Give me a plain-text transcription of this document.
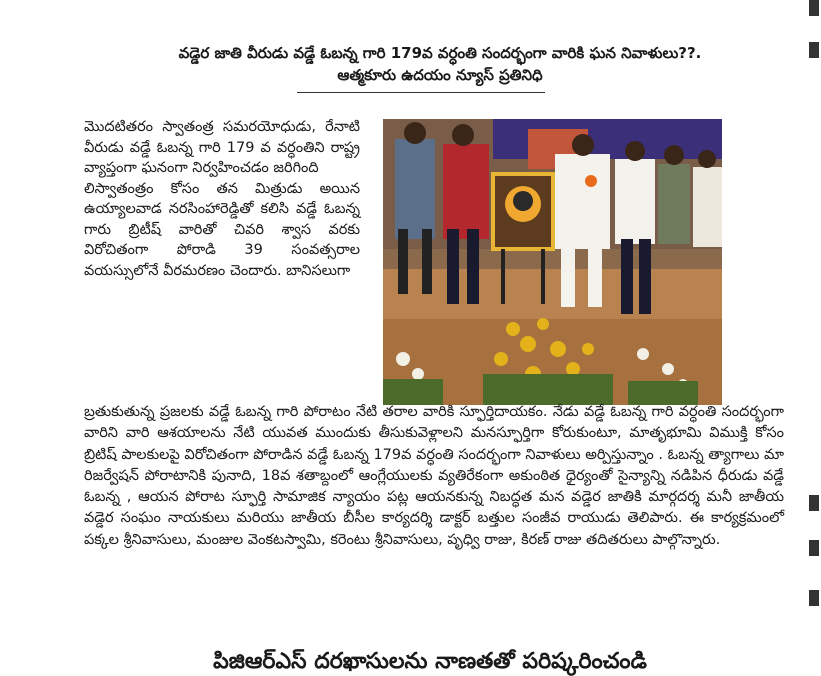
వడ్డెర జాతి వీరుడు వడ్డే ఓబన్న గారి 179వ వర్ధంతి సందర్భంగా వారికి ఘన నివాళులు??.
ఆత్మకూరు ఉదయం న్యూస్ ప్రతినిధి

మొదటితరం స్వాతంత్ర సమరయోధుడు, రేనాటి వీరుడు వడ్డే ఓబన్న గారి 179 వ వర్ధంతిని రాష్ట్ర వ్యాప్తంగా ఘనంగా నిర్వహించడం జరిగింది

లిస్వాతంత్రం కోసం తన మిత్రుడు అయిన ఉయ్యాలవాడ నరసింహారెడ్డితో కలిసి వడ్డే ఓబన్న గారు బ్రిటీష్ వారితో చివరి శ్వాస వరకు విరోచితంగా పోరాడి 39 సంవత్సరాల వయస్సులోనే వీరమరణం చెందారు. బానిసలుగా

బ్రతుకుతున్న ప్రజలకు వడ్డే ఓబన్న గారి పోరాటం నేటి తరాల వారికి స్ఫూర్తిదాయకం. నేడు వడ్డే ఓబన్న గారి వర్ధంతి సందర్భంగా వారిని వారి ఆశయాలను నేటి యువత ముందుకు తీసుకువెళ్లాలని మనస్ఫూర్తిగా కోరుకుంటూ, మాతృభూమి విముక్తి కోసం బ్రిటిష్ పాలకులపై విరోచితంగా పోరాడిన వడ్డే ఓబన్న 179వ వర్ధంతి సందర్భంగా నివాళులు అర్పిస్తున్నాం . ఓబన్న త్యాగాలు మా రిజర్వేషన్ పోరాటానికి పునాది, 18వ శతాబ్దంలో ఆంగ్లేయులకు వ్యతిరేకంగా అకుంఠిత ధైర్యంతో సైన్యాన్ని నడిపిన ధీరుడు వడ్డే ఓబన్న , ఆయన పోరాట స్ఫూర్తి సామాజిక న్యాయం పట్ల ఆయనకున్న నిబద్ధత మన వడ్డెర జాతికి మార్గదర్శ మనీ జాతీయ వడ్డెర సంఘం నాయకులు మరియు జాతీయ బీసీల కార్యదర్శి డాక్టర్ బత్తుల సంజీవ రాయుడు తెలిపారు. ఈ కార్యక్రమంలో పక్కల శ్రీనివాసులు, మంజుల వెంకటస్వామి, కరెంటు శ్రీనివాసులు, పృధ్వి రాజు, కిరణ్ రాజు తదితరులు పాల్గొన్నారు.

పిజిఆర్ఎస్ దరఖాసులను నాణతతో పరిష్కరించండి
